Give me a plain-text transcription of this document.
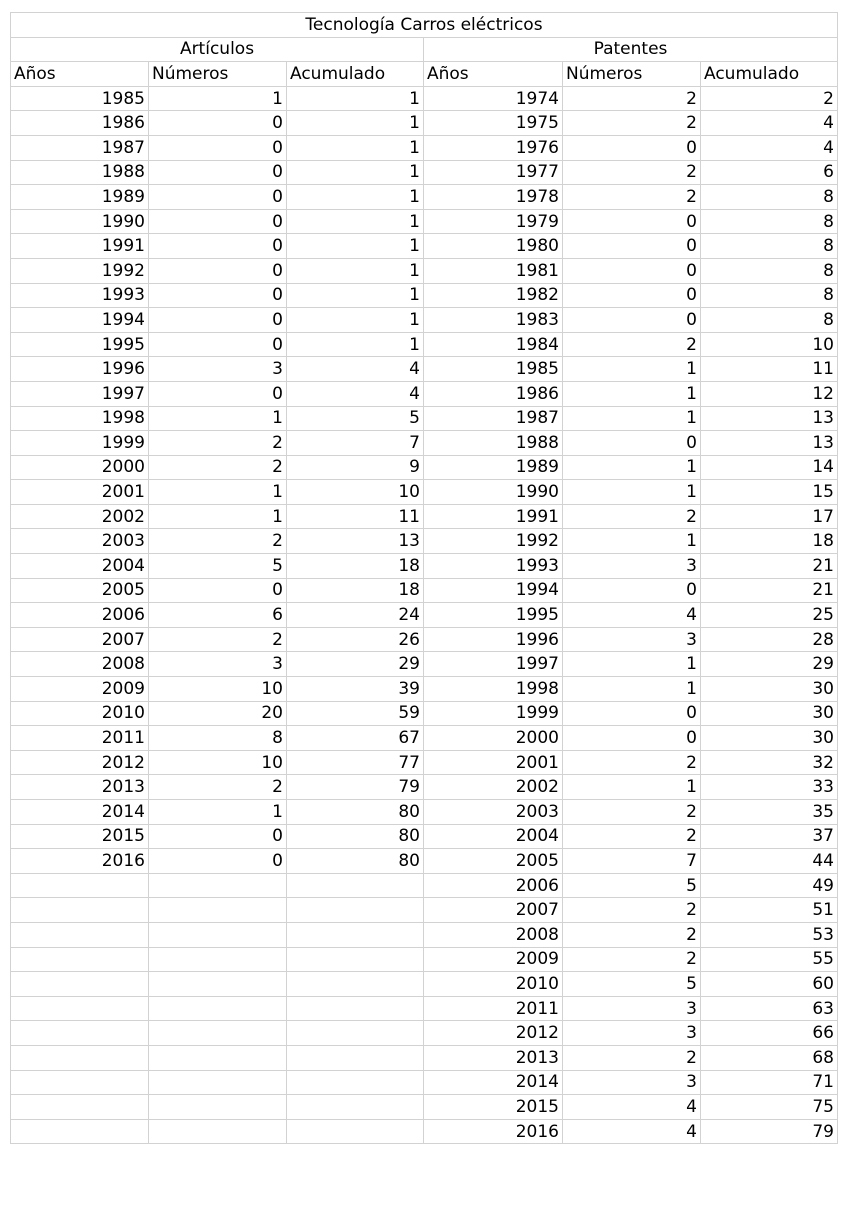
Tecnología Carros eléctricos					
Artículos			Patentes		
Años	Números	Acumulado	Años	Números	Acumulado
1985	1	1	1974	2	2
1986	0	1	1975	2	4
1987	0	1	1976	0	4
1988	0	1	1977	2	6
1989	0	1	1978	2	8
1990	0	1	1979	0	8
1991	0	1	1980	0	8
1992	0	1	1981	0	8
1993	0	1	1982	0	8
1994	0	1	1983	0	8
1995	0	1	1984	2	10
1996	3	4	1985	1	11
1997	0	4	1986	1	12
1998	1	5	1987	1	13
1999	2	7	1988	0	13
2000	2	9	1989	1	14
2001	1	10	1990	1	15
2002	1	11	1991	2	17
2003	2	13	1992	1	18
2004	5	18	1993	3	21
2005	0	18	1994	0	21
2006	6	24	1995	4	25
2007	2	26	1996	3	28
2008	3	29	1997	1	29
2009	10	39	1998	1	30
2010	20	59	1999	0	30
2011	8	67	2000	0	30
2012	10	77	2001	2	32
2013	2	79	2002	1	33
2014	1	80	2003	2	35
2015	0	80	2004	2	37
2016	0	80	2005	7	44
			2006	5	49
			2007	2	51
			2008	2	53
			2009	2	55
			2010	5	60
			2011	3	63
			2012	3	66
			2013	2	68
			2014	3	71
			2015	4	75
			2016	4	79
